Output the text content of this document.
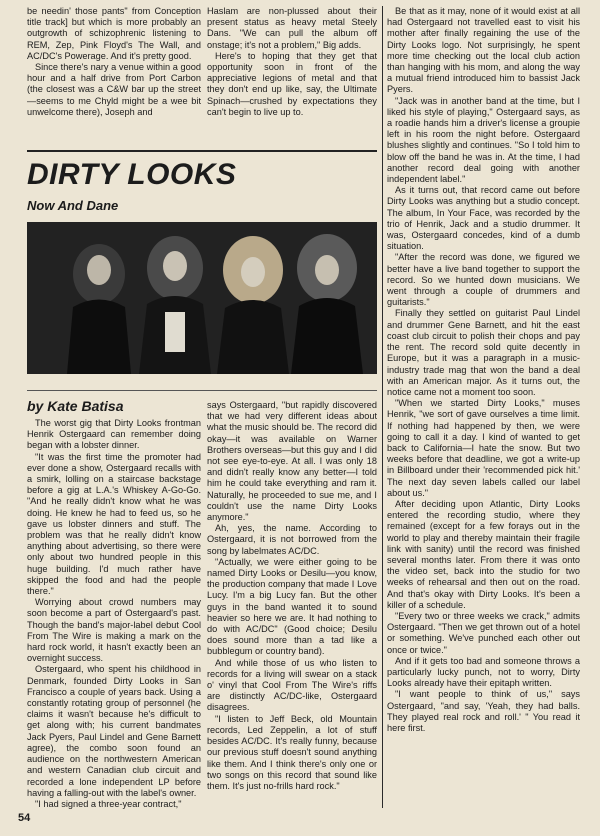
be needin' those pants" from Conception title track] but which is more probably an outgrowth of schizophrenic listening to REM, Zep, Pink Floyd's The Wall, and AC/DC's Powerage. And it's pretty good.

Since there's nary a venue within a good hour and a half drive from Port Carbon (the closest was a C&W bar up the street—seems to me Chyld might be a wee bit unwelcome there), Joseph and

Haslam are non-plussed about their present status as heavy metal Steely Dans. "We can pull the album off onstage; it's not a problem," Big adds.

Here's to hoping that they get that opportunity soon in front of the appreciative legions of metal and that they don't end up like, say, the Ultimate Spinach—crushed by expectations they can't begin to live up to.

DIRTY LOOKS
Now And Dane
by Kate Batisa

The worst gig that Dirty Looks frontman Henrik Ostergaard can remember doing began with a lobster dinner.

"It was the first time the promoter had ever done a show, Ostergaard recalls with a smirk, lolling on a staircase backstage before a gig at L.A.'s Whiskey A-Go-Go. "And he really didn't know what he was doing. He knew he had to feed us, so he gave us lobster dinners and stuff. The problem was that he really didn't know anything about advertising, so there were only about two hundred people in this huge building. I'd much rather have skipped the food and had the people there."

Worrying about crowd numbers may soon become a part of Ostergaard's past. Though the band's major-label debut Cool From The Wire is making a mark on the hard rock world, it hasn't exactly been an overnight success.

Ostergaard, who spent his childhood in Denmark, founded Dirty Looks in San Francisco a couple of years back. Using a constantly rotating group of personnel (he claims it wasn't because he's difficult to get along with; his current bandmates Jack Pyers, Paul Lindel and Gene Barnett agree), the combo soon found an audience on the northwestern American and western Canadian club circuit and recorded a lone independent LP before having a falling-out with the label's owner.

"I had signed a three-year contract,"

says Ostergaard, "but rapidly discovered that we had very different ideas about what the music should be. The record did okay—it was available on Warner Brothers overseas—but this guy and I did not see eye-to-eye. At all. I was only 18 and didn't really know any better—I told him he could take everything and ram it. Naturally, he proceeded to sue me, and I couldn't use the name Dirty Looks anymore."

Ah, yes, the name. According to Ostergaard, it is not borrowed from the song by labelmates AC/DC.

"Actually, we were either going to be named Dirty Looks or Desilu—you know, the production company that made I Love Lucy. I'm a big Lucy fan. But the other guys in the band wanted it to sound heavier so here we are. It had nothing to do with AC/DC" (Good choice; Desilu does sound more than a tad like a bubblegum or country band).

And while those of us who listen to records for a living will swear on a stack o' vinyl that Cool From The Wire's riffs are distinctly AC/DC-like, Ostergaard disagrees.

"I listen to Jeff Beck, old Mountain records, Led Zeppelin, a lot of stuff besides AC/DC. It's really funny, because our previous stuff doesn't sound anything like them. And I think there's only one or two songs on this record that sound like them. It's just no-frills hard rock."

Be that as it may, none of it would exist at all had Ostergaard not travelled east to visit his mother after finally regaining the use of the Dirty Looks logo. Not surprisingly, he spent more time checking out the local club action than hanging with his mom, and along the way a mutual friend introduced him to bassist Jack Pyers.

"Jack was in another band at the time, but I liked his style of playing," Ostergaard says, as a roadie hands him a driver's license a groupie left in his room the night before. Ostergaard blushes slightly and continues. "So I told him to blow off the band he was in. At the time, I had another record deal going with another independent label."

As it turns out, that record came out before Dirty Looks was anything but a studio concept. The album, In Your Face, was recorded by the trio of Henrik, Jack and a studio drummer. It was, Ostergaard concedes, kind of a dumb situation.

"After the record was done, we figured we better have a live band together to support the record. So we hunted down musicians. We went through a couple of drummers and guitarists."

Finally they settled on guitarist Paul Lindel and drummer Gene Barnett, and hit the east coast club circuit to polish their chops and pay the rent. The record sold quite decently in Europe, but it was a paragraph in a music-industry trade mag that won the band a deal with an American major. As it turns out, the notice came not a moment too soon.

"When we started Dirty Looks," muses Henrik, "we sort of gave ourselves a time limit. If nothing had happened by then, we were going to call it a day. I kind of wanted to get back to California—I hate the snow. But two weeks before that deadline, we got a write-up in Billboard under their 'recommended pick hit.' The next day seven labels called our label about us."

After deciding upon Atlantic, Dirty Looks entered the recording studio, where they remained (except for a few forays out in the world to play and thereby maintain their fragile link with sanity) until the record was finished several months later. From there it was onto the video set, back into the studio for two weeks of rehearsal and then out on the road. And that's okay with Dirty Looks. It's been a killer of a schedule.

"Every two or three weeks we crack," admits Ostergaard. "Then we get thrown out of a hotel or something. We've punched each other out once or twice."

And if it gets too bad and someone throws a particularly lucky punch, not to worry, Dirty Looks already have their epitaph written.

"I want people to think of us," says Ostergaard, "and say, 'Yeah, they had balls. They played real rock and roll.' " You read it here first.

54
